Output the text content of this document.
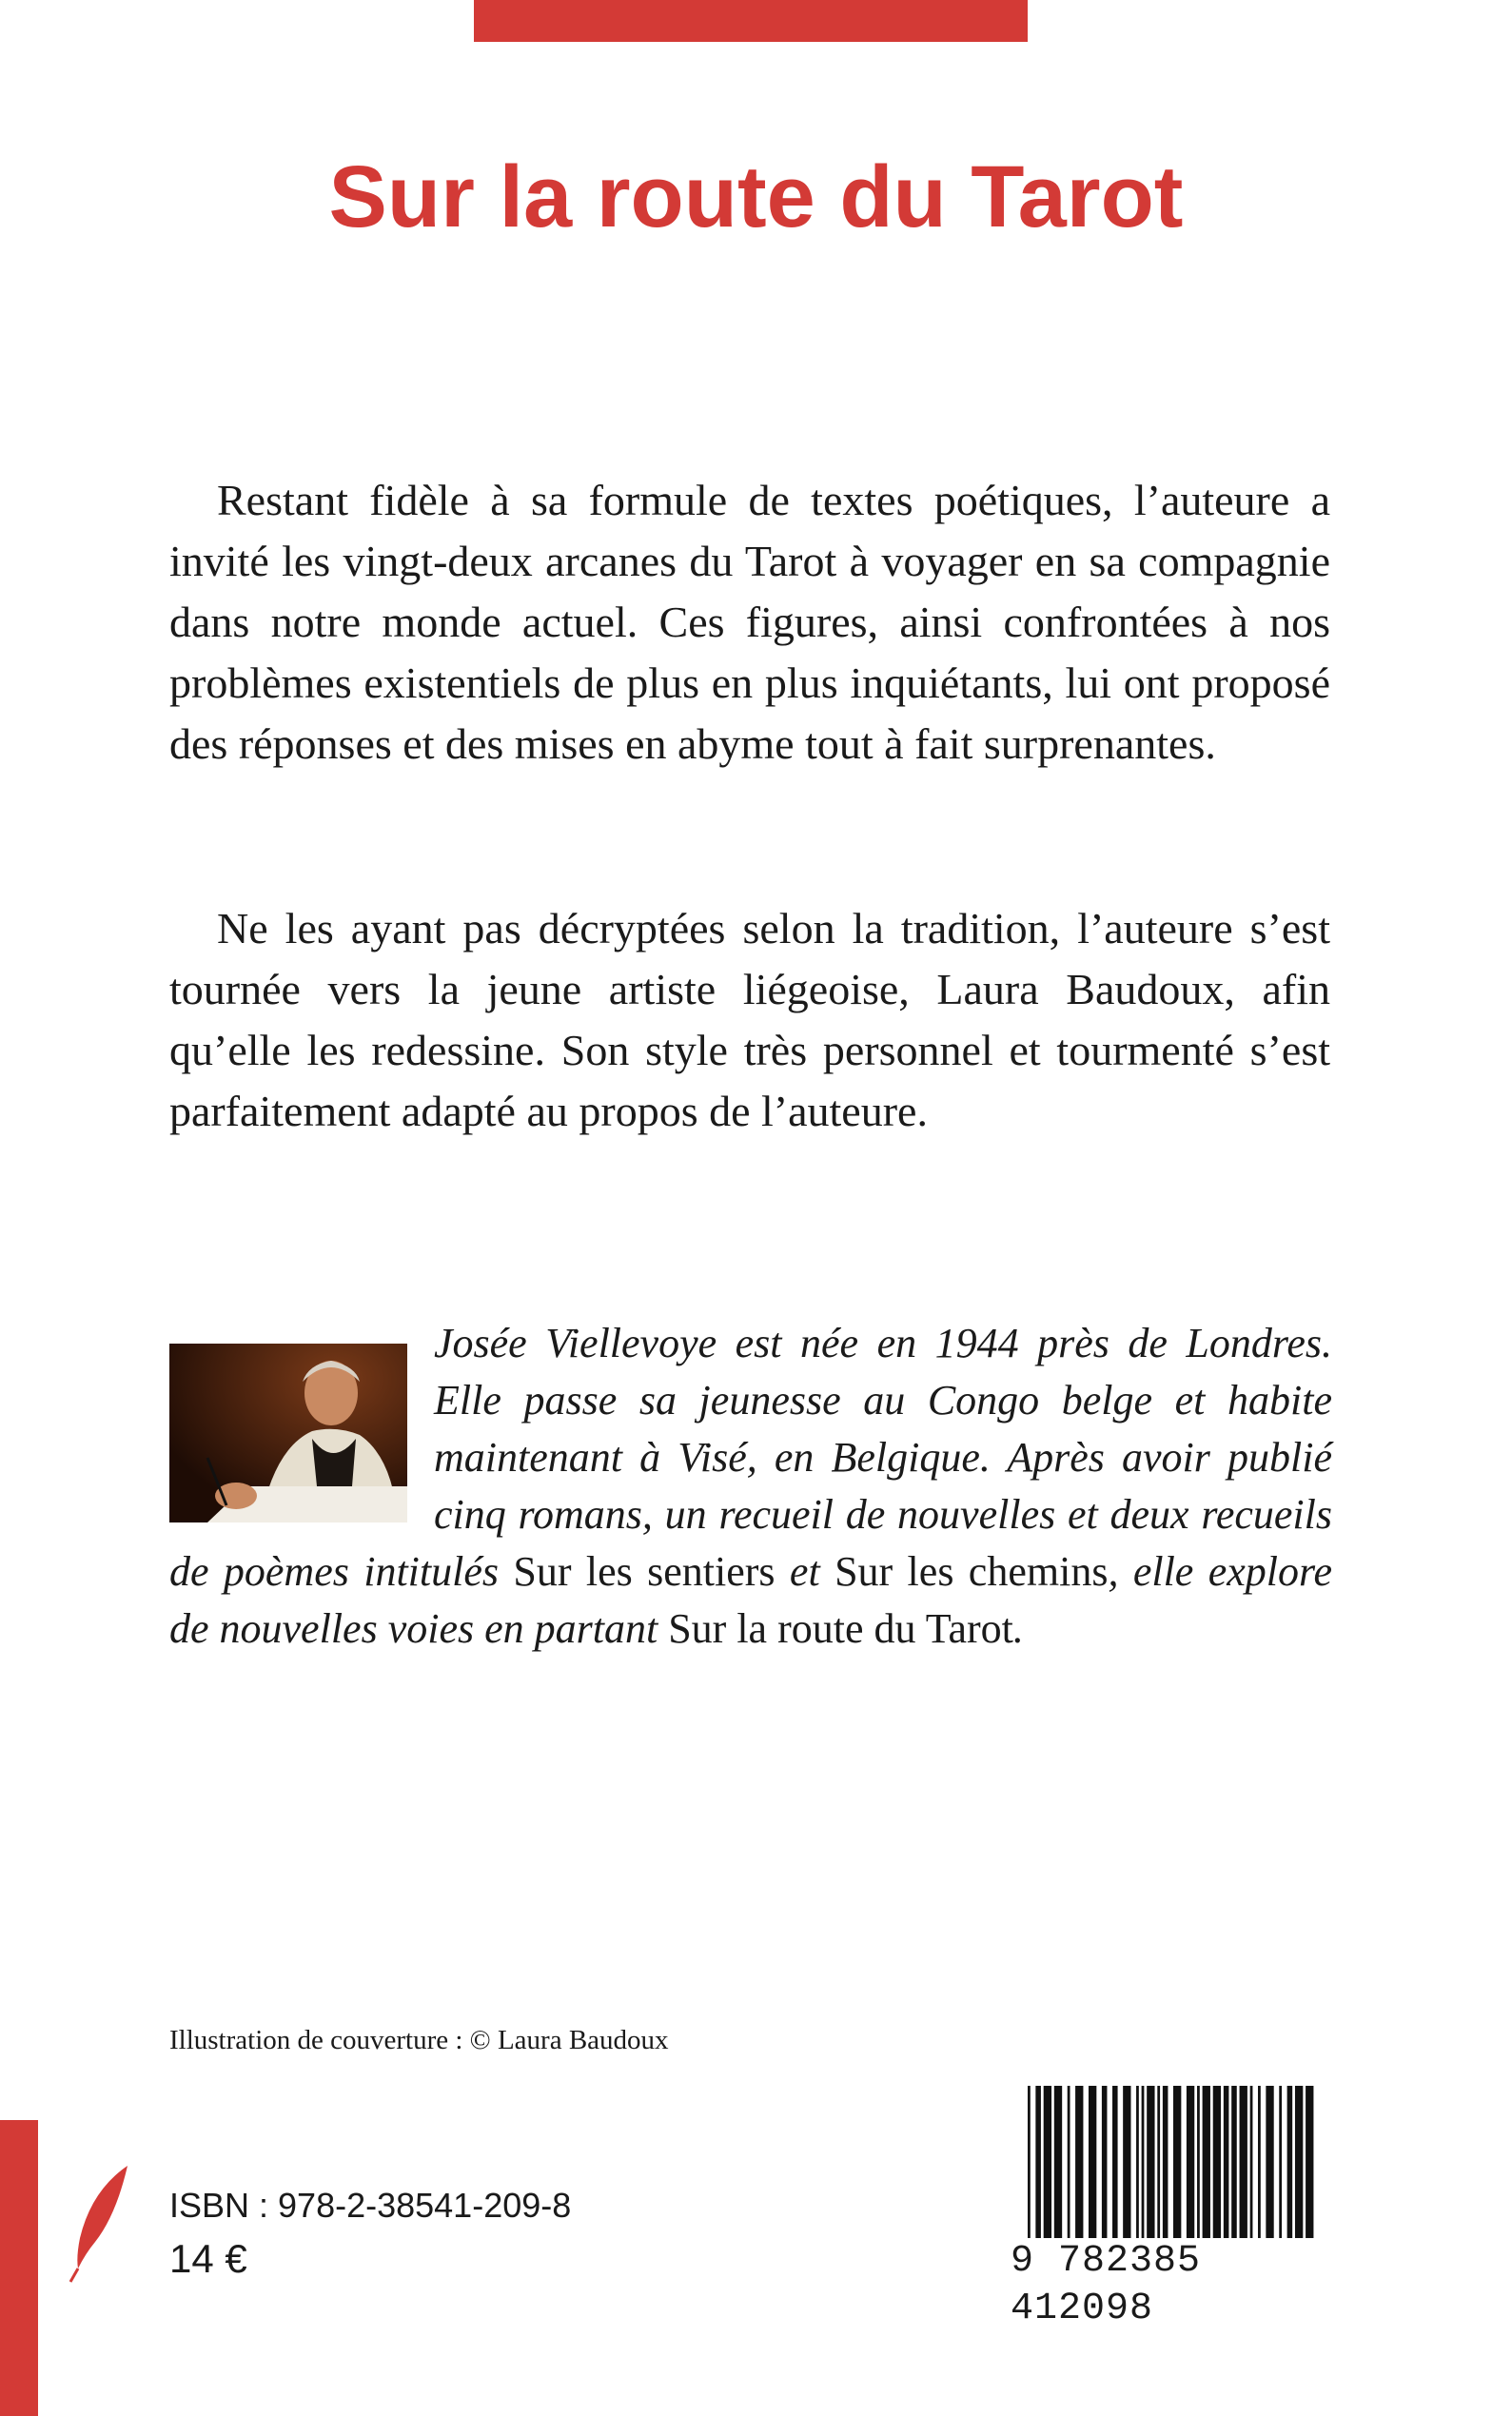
Sur la route du Tarot

Restant fidèle à sa formule de textes poétiques, l’auteure a invité les vingt-deux arcanes du Tarot à voyager en sa compagnie dans notre monde actuel. Ces figures, ainsi confrontées à nos problèmes existentiels de plus en plus inquiétants, lui ont proposé des réponses et des mises en abyme tout à fait surprenantes.

Ne les ayant pas décryptées selon la tradition, l’auteure s’est tournée vers la jeune artiste liégeoise, Laura Baudoux, afin qu’elle les redessine. Son style très personnel et tourmenté s’est parfaitement adapté au propos de l’auteure.

Josée Viellevoye est née en 1944 près de Londres. Elle passe sa jeunesse au Congo belge et habite maintenant à Visé, en Belgique. Après avoir publié cinq romans, un recueil de nouvelles et deux recueils de poèmes intitulés Sur les sentiers et Sur les chemins, elle explore de nouvelles voies en partant Sur la route du Tarot.

Illustration de couverture : © Laura Baudoux

ISBN : 978-2-38541-209-8

14 €	9 782385 412098
